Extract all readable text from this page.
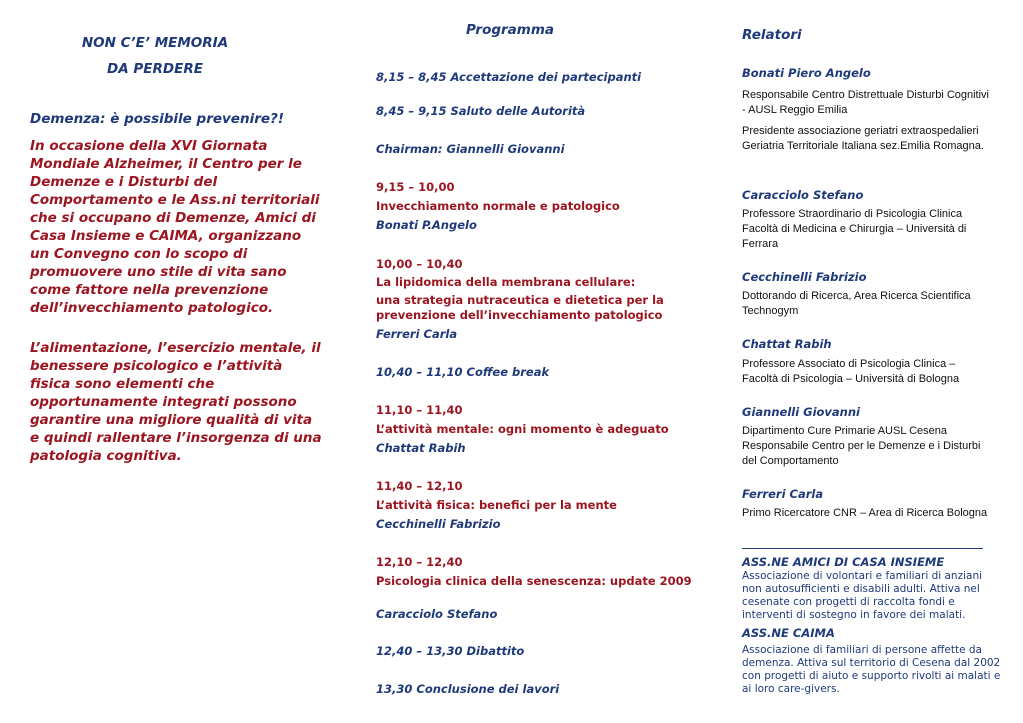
NON C’E’ MEMORIA
DA PERDERE
Demenza: è possibile prevenire?!

In occasione della XVI Giornata Mondiale Alzheimer, il Centro per le Demenze e i Disturbi del Comportamento e le Ass.ni territoriali che si occupano di Demenze, Amici di Casa Insieme e CAIMA, organizzano un Convegno con lo scopo di promuovere uno stile di vita sano come fattore nella prevenzione dell’invecchiamento patologico.

L’alimentazione, l’esercizio mentale, il benessere psicologico e l’attività fisica sono elementi che opportunamente integrati possono garantire una migliore qualità di vita e quindi rallentare l’insorgenza di una patologia cognitiva.

Programma
8,15 – 8,45 Accettazione dei partecipanti
8,45 – 9,15 Saluto delle Autorità
Chairman: Giannelli Giovanni
9,15 – 10,00
Invecchiamento normale e patologico
Bonati P.Angelo
10,00 – 10,40
La lipidomica della membrana cellulare:
una strategia nutraceutica e dietetica per la prevenzione dell’invecchiamento patologico
Ferreri Carla
10,40 – 11,10 Coffee break
11,10 – 11,40
L’attività mentale: ogni momento è adeguato
Chattat Rabih
11,40 – 12,10
L’attività fisica: benefici per la mente
Cecchinelli Fabrizio
12,10 – 12,40
Psicologia clinica della senescenza: update 2009
Caracciolo Stefano
12,40 – 13,30 Dibattito
13,30 Conclusione dei lavori
Relatori
Bonati Piero Angelo

Responsabile Centro Distrettuale Disturbi Cognitivi - AUSL Reggio Emilia

Presidente associazione geriatri extraospedalieri Geriatria Territoriale Italiana sez.Emilia Romagna.

Caracciolo Stefano

Professore Straordinario di Psicologia Clinica Facoltà di Medicina e Chirurgia – Università di Ferrara

Cecchinelli Fabrizio

Dottorando di Ricerca, Area Ricerca Scientifica Technogym

Chattat Rabih

Professore Associato di Psicologia Clinica – Facoltà di Psicologia – Università di Bologna

Giannelli Giovanni

Dipartimento Cure Primarie AUSL Cesena Responsabile Centro per le Demenze e i Disturbi del Comportamento

Ferreri Carla

Primo Ricercatore CNR – Area di Ricerca Bologna

ASS.NE AMICI DI CASA INSIEME

Associazione di volontari e familiari di anziani non autosufficienti e disabili adulti. Attiva nel cesenate con progetti di raccolta fondi e interventi di sostegno in favore dei malati.

ASS.NE CAIMA

Associazione di familiari di persone affette da demenza. Attiva sul territorio di Cesena dal 2002 con progetti di aiuto e supporto rivolti ai malati e ai loro care-givers.
